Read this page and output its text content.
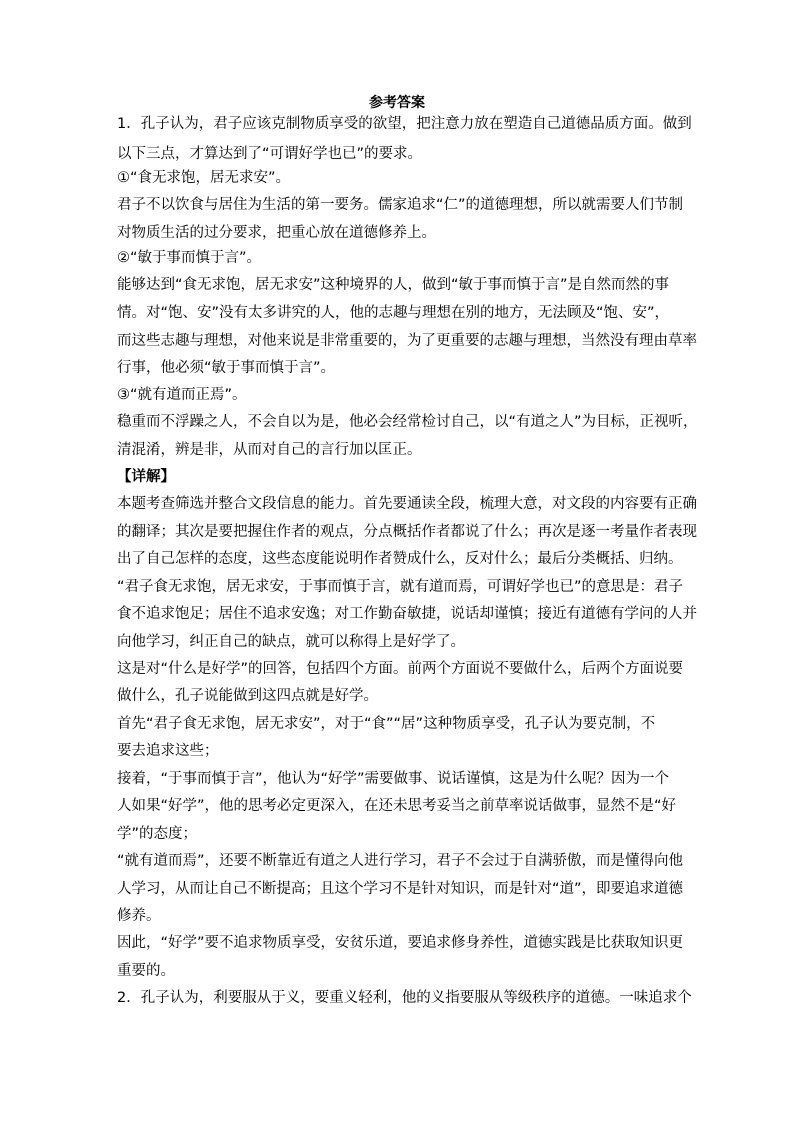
参考答案
1．孔子认为，君子应该克制物质享受的欲望，把注意力放在塑造自己道德品质方面。做到
以下三点，才算达到了“可谓好学也已”的要求。
①“食无求饱，居无求安”。
君子不以饮食与居住为生活的第一要务。儒家追求“仁”的道德理想，所以就需要人们节制
对物质生活的过分要求，把重心放在道德修养上。
②“敏于事而慎于言”。
能够达到“食无求饱，居无求安”这种境界的人，做到“敏于事而慎于言”是自然而然的事
情。对“饱、安”没有太多讲究的人，他的志趣与理想在别的地方，无法顾及“饱、安”，
而这些志趣与理想，对他来说是非常重要的，为了更重要的志趣与理想，当然没有理由草率
行事，他必须“敏于事而慎于言”。
③“就有道而正焉”。
稳重而不浮躁之人，不会自以为是，他必会经常检讨自己，以“有道之人”为目标，正视听，
清混淆，辨是非，从而对自己的言行加以匡正。
【详解】
本题考查筛选并整合文段信息的能力。首先要通读全段，梳理大意，对文段的内容要有正确
的翻译；其次是要把握住作者的观点，分点概括作者都说了什么；再次是逐一考量作者表现
出了自己怎样的态度，这些态度能说明作者赞成什么，反对什么；最后分类概括、归纳。
“君子食无求饱，居无求安，于事而慎于言，就有道而焉，可谓好学也已”的意思是：君子
食不追求饱足；居住不追求安逸；对工作勤奋敏捷，说话却谨慎；接近有道德有学问的人并
向他学习，纠正自己的缺点，就可以称得上是好学了。
这是对“什么是好学”的回答，包括四个方面。前两个方面说不要做什么，后两个方面说要
做什么，孔子说能做到这四点就是好学。
首先“君子食无求饱，居无求安”，对于“食”“居”这种物质享受，孔子认为要克制，不
要去追求这些；
接着，“于事而慎于言”，他认为“好学”需要做事、说话谨慎，这是为什么呢？因为一个
人如果“好学”，他的思考必定更深入，在还未思考妥当之前草率说话做事，显然不是“好
学”的态度；
“就有道而焉”，还要不断靠近有道之人进行学习，君子不会过于自满骄傲，而是懂得向他
人学习，从而让自己不断提高；且这个学习不是针对知识，而是针对“道”，即要追求道德
修养。
因此，“好学”要不追求物质享受，安贫乐道，要追求修身养性，道德实践是比获取知识更
重要的。
2．孔子认为，利要服从于义，要重义轻利，他的义指要服从等级秩序的道德。一味追求个
